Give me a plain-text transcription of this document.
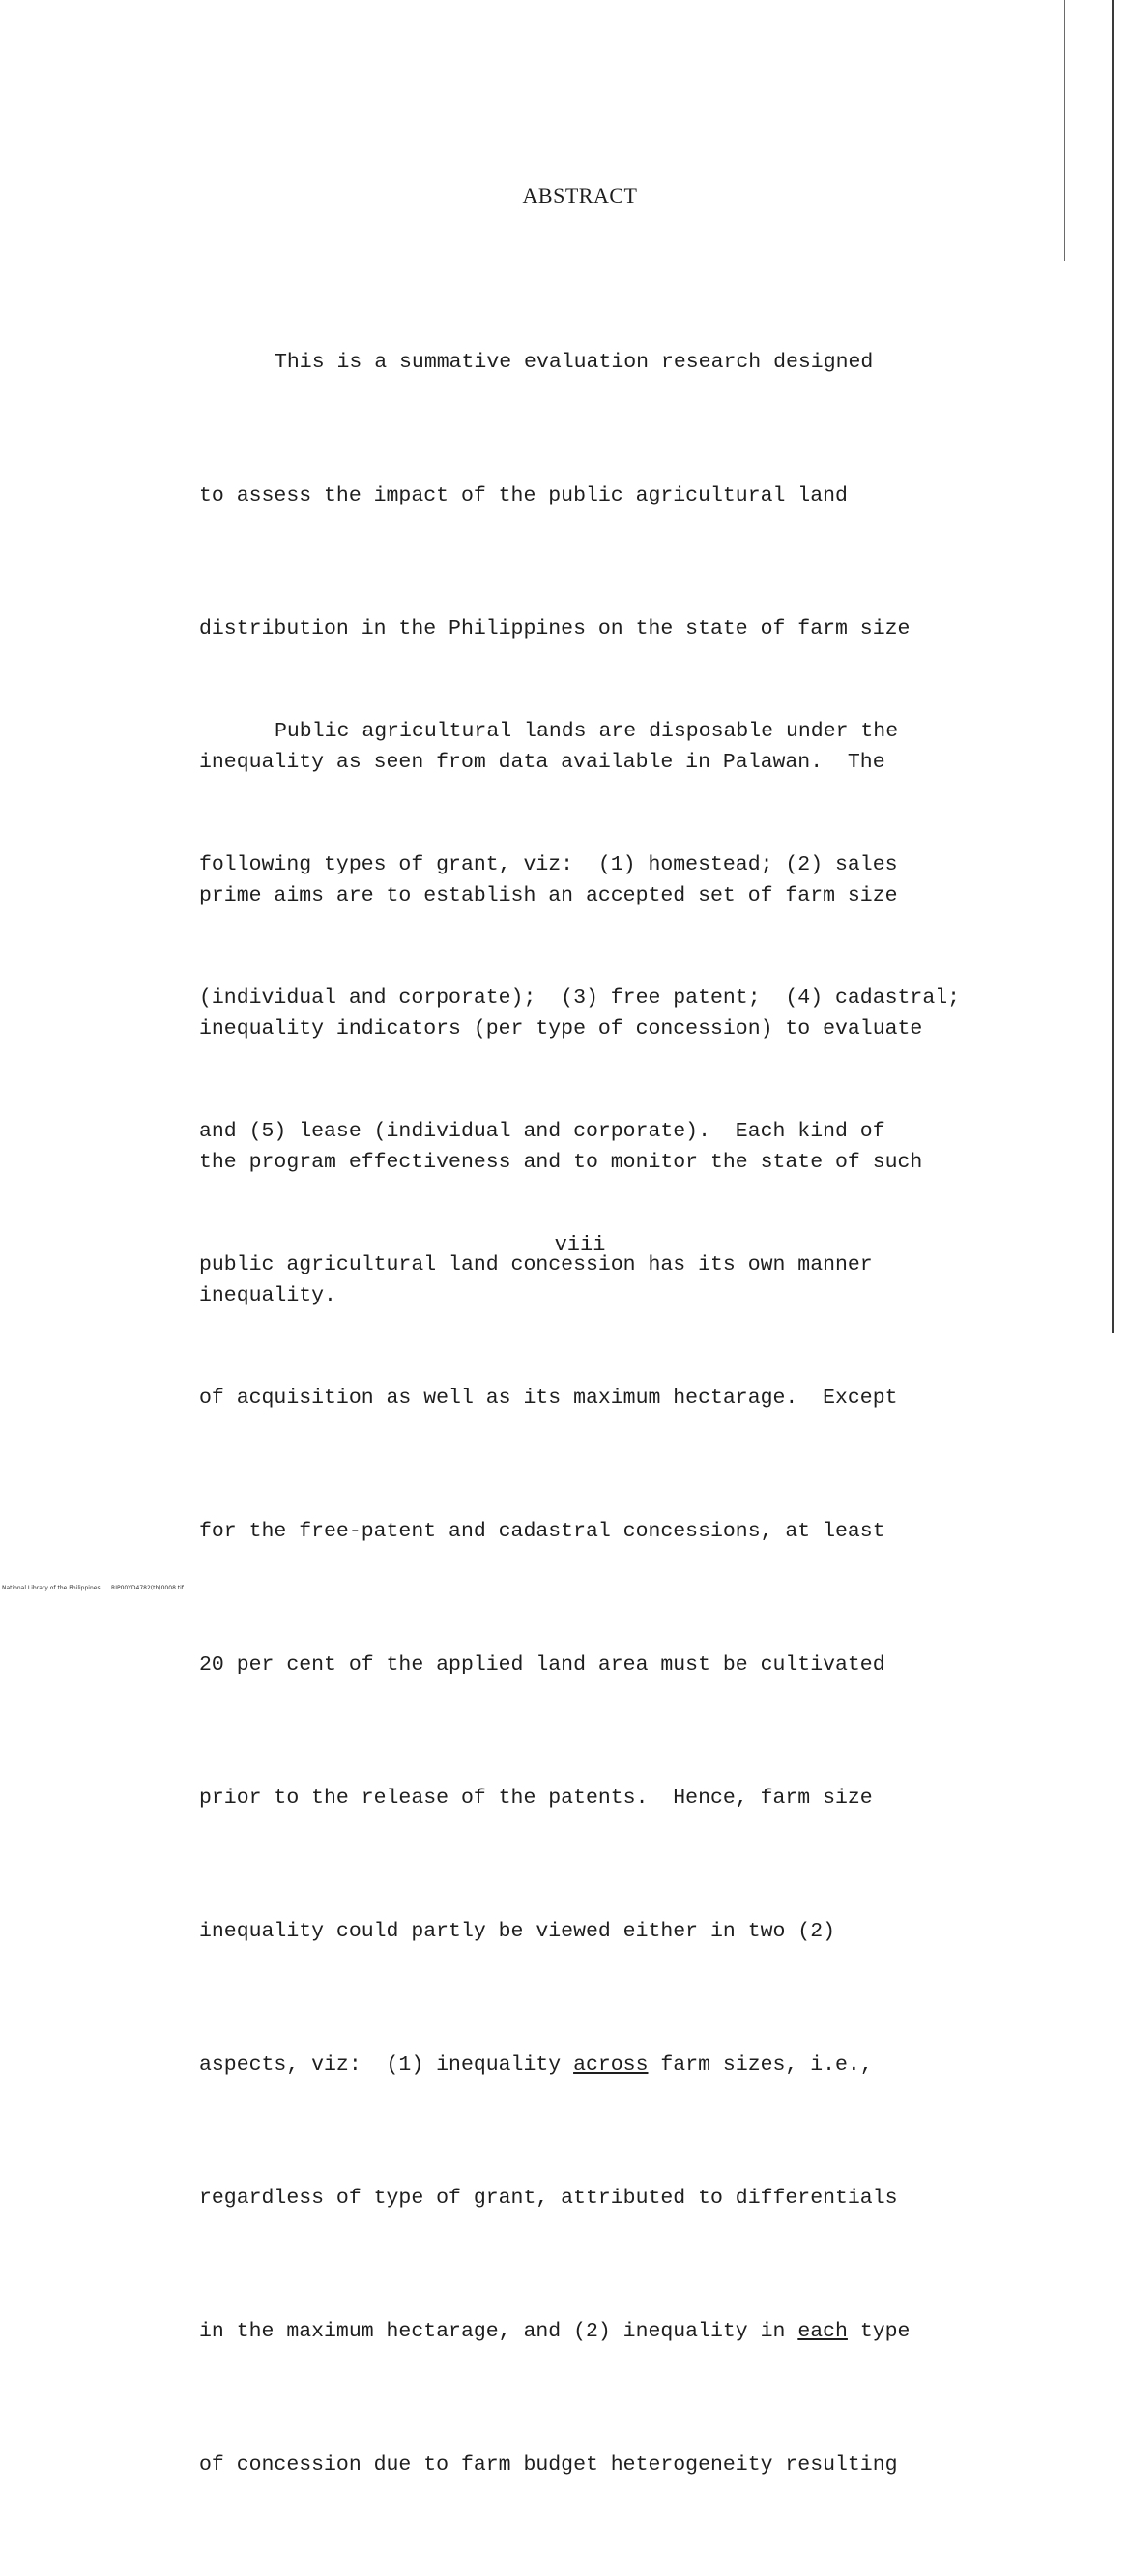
ABSTRACT

This is a summative evaluation research designed

to assess the impact of the public agricultural land

distribution in the Philippines on the state of farm size

inequality as seen from data available in Palawan.  The

prime aims are to establish an accepted set of farm size

inequality indicators (per type of concession) to evaluate

the program effectiveness and to monitor the state of such

inequality.

Public agricultural lands are disposable under the

following types of grant, viz:  (1) homestead; (2) sales

(individual and corporate);  (3) free patent;  (4) cadastral;

and (5) lease (individual and corporate).  Each kind of

public agricultural land concession has its own manner

of acquisition as well as its maximum hectarage.  Except

for the free-patent and cadastral concessions, at least

20 per cent of the applied land area must be cultivated

prior to the release of the patents.  Hence, farm size

inequality could partly be viewed either in two (2)

aspects, viz:  (1) inequality across farm sizes, i.e.,

regardless of type of grant, attributed to differentials

in the maximum hectarage, and (2) inequality in each type

of concession due to farm budget heterogeneity resulting

viii
National Library of the Philippines RIP00YD4782(th)0008.tif
